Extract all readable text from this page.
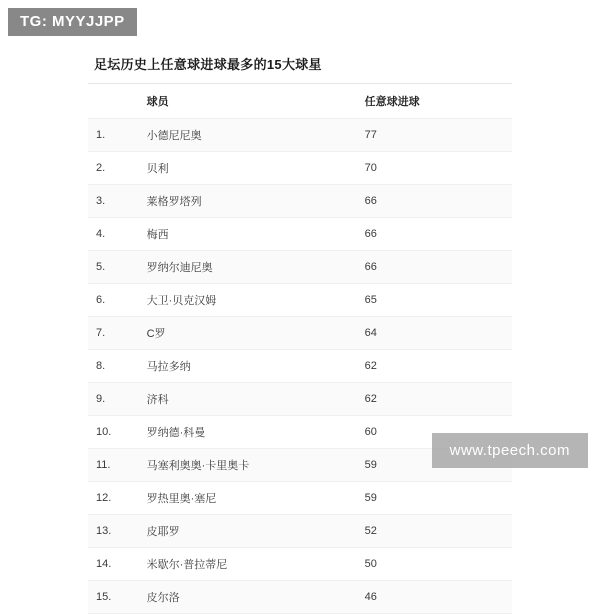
TG: MYYJJPP
足坛历史上任意球进球最多的15大球星
	球员	任意球进球
1.	小德尼尼奥	77
2.	贝利	70
3.	莱格罗塔列	66
4.	梅西	66
5.	罗纳尔迪尼奥	66
6.	大卫·贝克汉姆	65
7.	C罗	64
8.	马拉多纳	62
9.	济科	62
10.	罗纳德·科曼	60
11.	马塞利奥奥·卡里奥卡	59
12.	罗热里奥·塞尼	59
13.	皮耶罗	52
14.	米歇尔·普拉蒂尼	50
15.	皮尔洛	46
www.tpeech.com
